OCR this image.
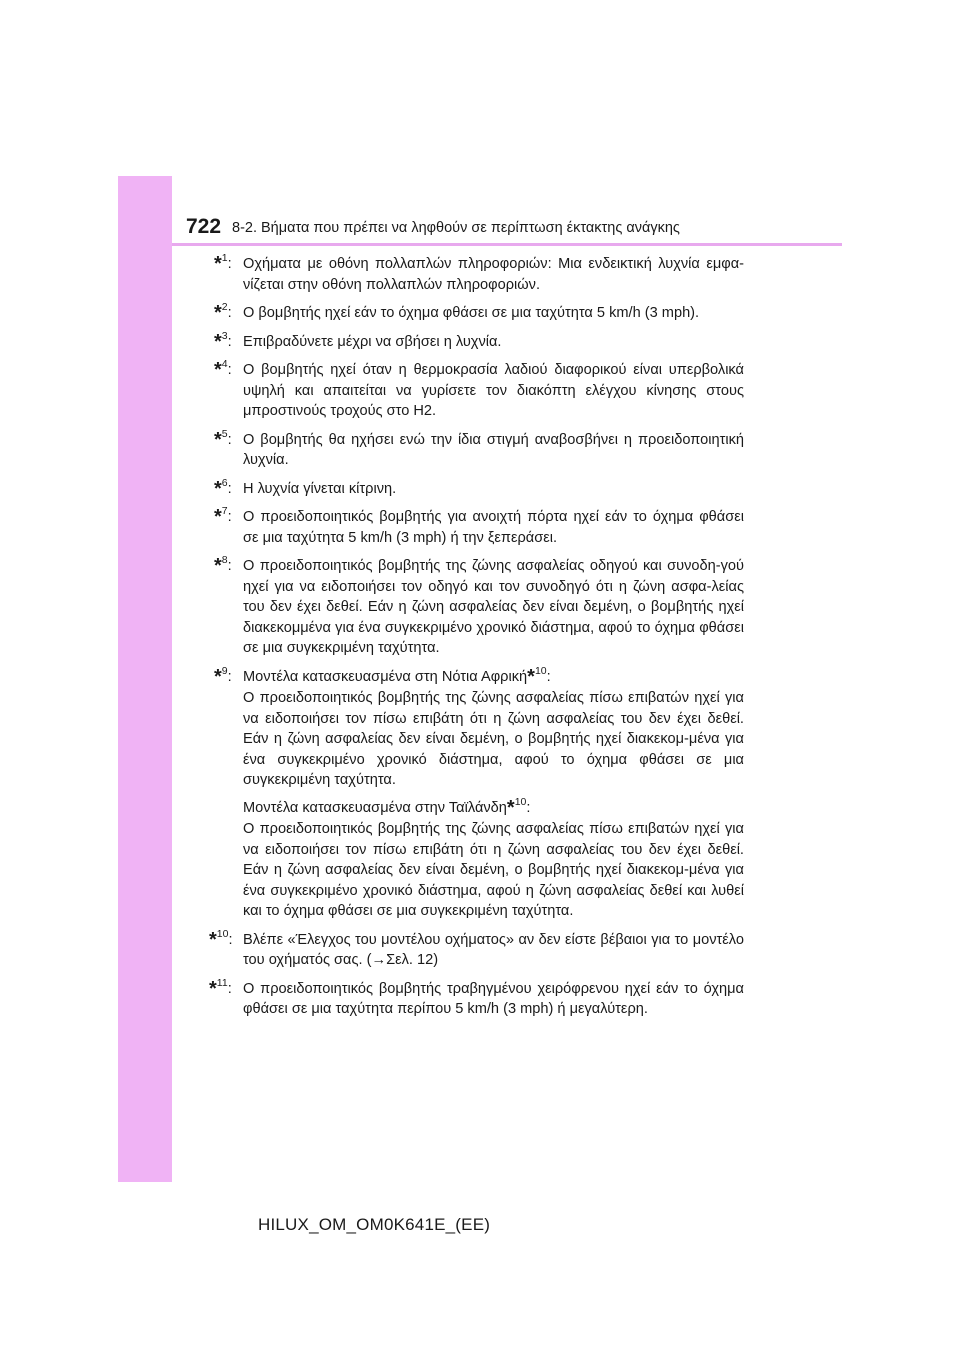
722 8-2. Βήματα που πρέπει να ληφθούν σε περίπτωση έκτακτης ανάγκης
*$^1$: Οχήματα με οθόνη πολλαπλών πληροφοριών: Μια ενδεικτική λυχνία εμφα-νίζεται στην οθόνη πολλαπλών πληροφοριών.

*$^2$: Ο βομβητής ηχεί εάν το όχημα φθάσει σε μια ταχύτητα 5 km/h (3 mph).

*$^3$: Επιβραδύνετε μέχρι να σβήσει η λυχνία.

*$^4$: Ο βομβητής ηχεί όταν η θερμοκρασία λαδιού διαφορικού είναι υπερβολικά υψηλή και απαιτείται να γυρίσετε τον διακόπτη ελέγχου κίνησης στους μπροστινούς τροχούς στο H2.

*$^5$: Ο βομβητής θα ηχήσει ενώ την ίδια στιγμή αναβοσβήνει η προειδοποιητική λυχνία.

*$^6$: Η λυχνία γίνεται κίτρινη.

*$^7$: Ο προειδοποιητικός βομβητής για ανοιχτή πόρτα ηχεί εάν το όχημα φθάσει σε μια ταχύτητα 5 km/h (3 mph) ή την ξεπεράσει.

*$^8$: Ο προειδοποιητικός βομβητής της ζώνης ασφαλείας οδηγού και συνοδη-γού ηχεί για να ειδοποιήσει τον οδηγό και τον συνοδηγό ότι η ζώνη ασφα-λείας του δεν έχει δεθεί. Εάν η ζώνη ασφαλείας δεν είναι δεμένη, ο βομβητής ηχεί διακεκομμένα για ένα συγκεκριμένο χρονικό διάστημα, αφού το όχημα φθάσει σε μια συγκεκριμένη ταχύτητα.

*$^9$: Μοντέλα κατασκευασμένα στη Νότια Αφρική*$^{10}$:
Ο προειδοποιητικός βομβητής της ζώνης ασφαλείας πίσω επιβατών ηχεί για να ειδοποιήσει τον πίσω επιβάτη ότι η ζώνη ασφαλείας του δεν έχει δεθεί. Εάν η ζώνη ασφαλείας δεν είναι δεμένη, ο βομβητής ηχεί διακεκομ-μένα για ένα συγκεκριμένο χρονικό διάστημα, αφού το όχημα φθάσει σε μια συγκεκριμένη ταχύτητα.

Μοντέλα κατασκευασμένα στην Ταϊλάνδη*$^{10}$:
Ο προειδοποιητικός βομβητής της ζώνης ασφαλείας πίσω επιβατών ηχεί για να ειδοποιήσει τον πίσω επιβάτη ότι η ζώνη ασφαλείας του δεν έχει δεθεί. Εάν η ζώνη ασφαλείας δεν είναι δεμένη, ο βομβητής ηχεί διακεκομ-μένα για ένα συγκεκριμένο χρονικό διάστημα, αφού η ζώνη ασφαλείας δεθεί και λυθεί και το όχημα φθάσει σε μια συγκεκριμένη ταχύτητα.

*$^{10}$: Βλέπε «Έλεγχος του μοντέλου οχήματος» αν δεν είστε βέβαιοι για το μοντέλο του οχήματός σας. (→Σελ. 12)

*$^{11}$: Ο προειδοποιητικός βομβητής τραβηγμένου χειρόφρενου ηχεί εάν το όχημα φθάσει σε μια ταχύτητα περίπου 5 km/h (3 mph) ή μεγαλύτερη.

HILUX_OM_OM0K641E_(EE)
